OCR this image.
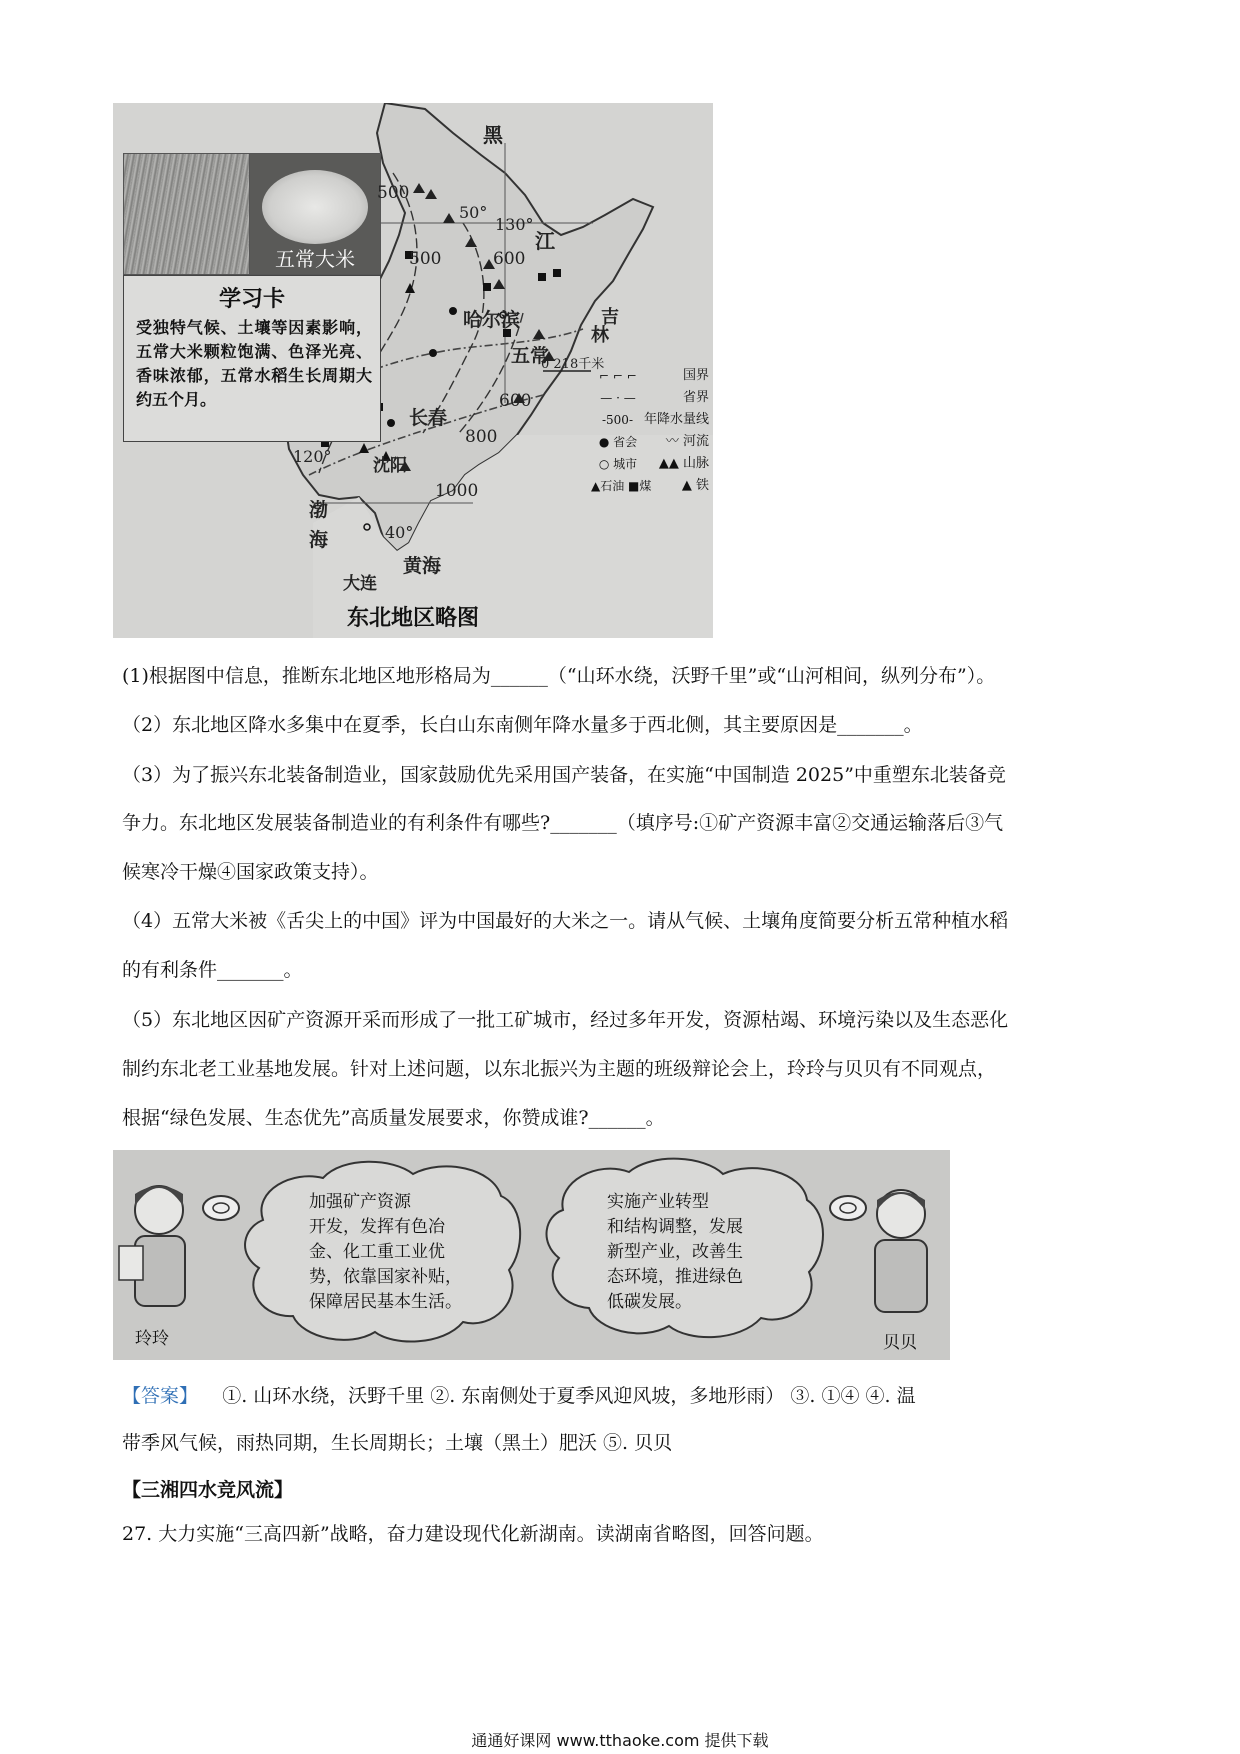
五常大米
学习卡
受独特气候、土壤等因素影响，五常大米颗粒饱满、色泽光亮、香味浓郁，五常水稻生长周期大约五个月。
黑
江
吉
林
哈尔滨
五常
长春
沈阳
大连
渤
海
黄海
500
500	600
600
800
1000
50°
40°
130°
120°
0 218千米
⌐ ⌐ ⌐	国界
— · —	省界
-500- 年降水量线
● 省会	〰 河流
○ 城市	▲▲ 山脉
▲石油 ■煤 ▲ 铁
东北地区略图
(1)根据图中信息，推断东北地区地形格局为______（“山环水绕，沃野千里”或“山河相间，纵列分布”）。
（2）东北地区降水多集中在夏季，长白山东南侧年降水量多于西北侧，其主要原因是_______。
（3）为了振兴东北装备制造业，国家鼓励优先采用国产装备，在实施“中国制造 2025”中重塑东北装备竞
争力。东北地区发展装备制造业的有利条件有哪些?_______（填序号:①矿产资源丰富②交通运输落后③气
候寒冷干燥④国家政策支持）。
（4）五常大米被《舌尖上的中国》评为中国最好的大米之一。请从气候、土壤角度简要分析五常种植水稻
的有利条件_______。
（5）东北地区因矿产资源开采而形成了一批工矿城市，经过多年开发，资源枯竭、环境污染以及生态恶化
制约东北老工业基地发展。针对上述问题，以东北振兴为主题的班级辩论会上，玲玲与贝贝有不同观点，
根据“绿色发展、生态优先”高质量发展要求，你赞成谁?______。
加强矿产资源
开发，发挥有色冶
金、化工重工业优
势，依靠国家补贴，
保障居民基本生活。
实施产业转型
和结构调整，发展
新型产业，改善生
态环境，推进绿色
低碳发展。
玲玲	贝贝
【答案】 ①. 山环水绕，沃野千里 ②. 东南侧处于夏季风迎风坡，多地形雨） ③. ①④ ④. 温
带季风气候，雨热同期，生长周期长；土壤（黑土）肥沃 ⑤. 贝贝
【三湘四水竞风流】
27. 大力实施“三高四新”战略，奋力建设现代化新湖南。读湖南省略图，回答问题。
通通好课网 www.tthaoke.com 提供下载
